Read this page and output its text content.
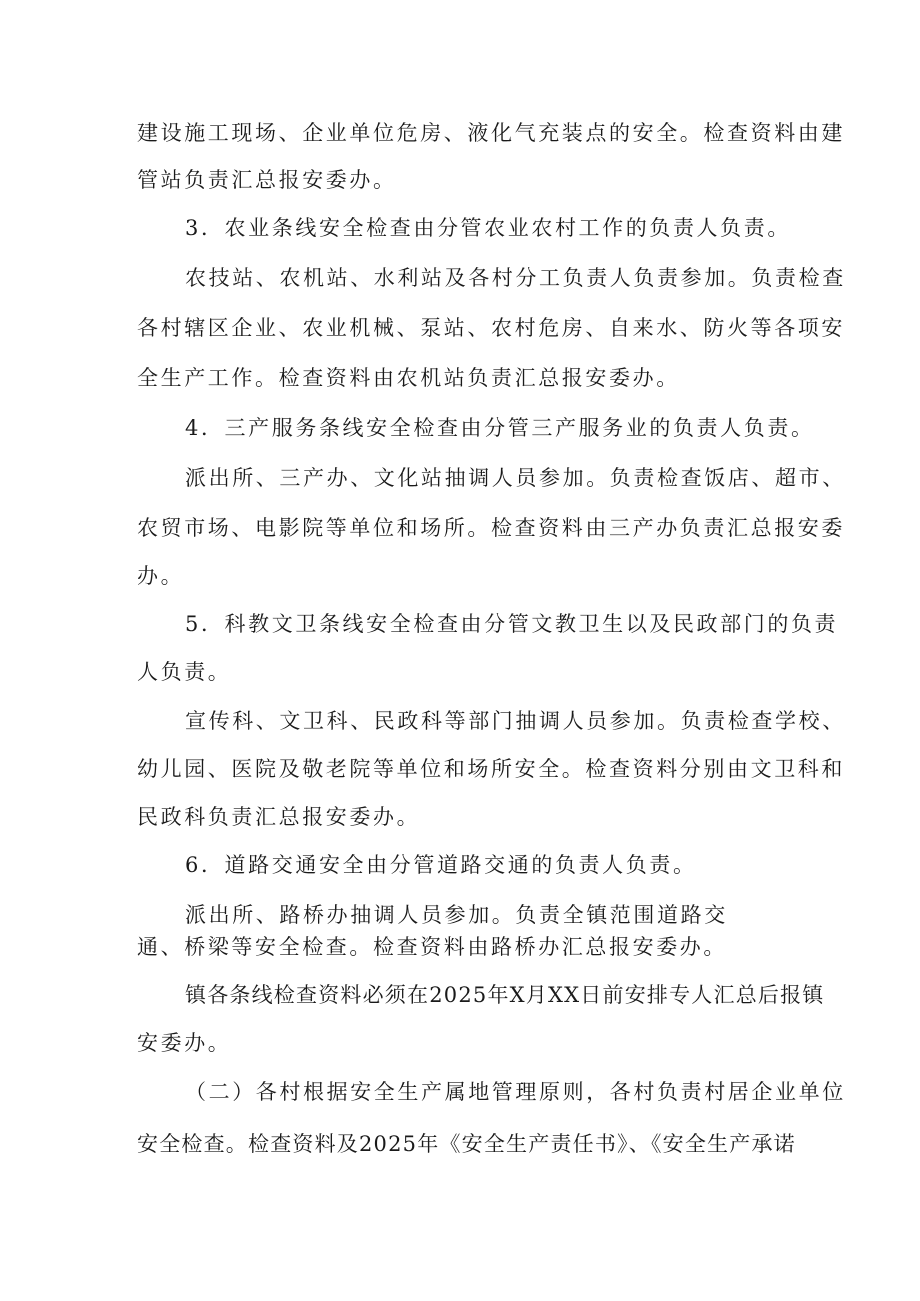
建设施工现场、企业单位危房、液化气充装点的安全。检查资料由建
管站负责汇总报安委办。
3．农业条线安全检查由分管农业农村工作的负责人负责。
农技站、农机站、水利站及各村分工负责人负责参加。负责检查
各村辖区企业、农业机械、泵站、农村危房、自来水、防火等各项安
全生产工作。检查资料由农机站负责汇总报安委办。
4．三产服务条线安全检查由分管三产服务业的负责人负责。
派出所、三产办、文化站抽调人员参加。负责检查饭店、超市、
农贸市场、电影院等单位和场所。检查资料由三产办负责汇总报安委
办。
5．科教文卫条线安全检查由分管文教卫生以及民政部门的负责
人负责。
宣传科、文卫科、民政科等部门抽调人员参加。负责检查学校、
幼儿园、医院及敬老院等单位和场所安全。检查资料分别由文卫科和
民政科负责汇总报安委办。
6．道路交通安全由分管道路交通的负责人负责。
派出所、路桥办抽调人员参加。负责全镇范围道路交
通、桥梁等安全检查。检查资料由路桥办汇总报安委办。
镇各条线检查资料必须在2025年X月XX日前安排专人汇总后报镇
安委办。
（二）各村根据安全生产属地管理原则，各村负责村居企业单位
安全检查。检查资料及2025年《安全生产责任书》、《安全生产承诺
